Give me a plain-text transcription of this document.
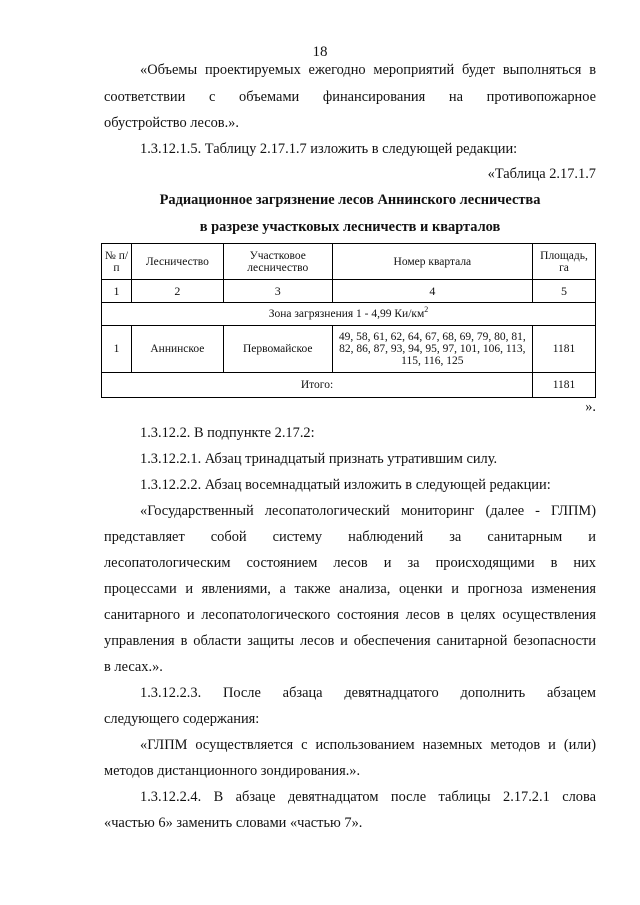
18
«Объемы проектируемых ежегодно мероприятий будет выполняться в
соответствии с объемами финансирования на противопожарное
обустройство лесов.».
1.3.12.1.5. Таблицу 2.17.1.7 изложить в следующей редакции:
«Таблица 2.17.1.7
Радиационное загрязнение лесов Аннинского лесничества
в разрезе участковых лесничеств и кварталов
№ п/п	Лесничество	Участковое лесничество	Номер квартала	Площадь, га
1	2	3	4	5
Зона загрязнения 1 - 4,99 $Ки/км^2$
1	Аннинское	Первомайское	49, 58, 61, 62, 64, 67, 68, 69, 79, 80, 81, 82, 86, 87, 93, 94, 95, 97, 101, 106, 113, 115, 116, 125	1181
Итого:				1181
».
1.3.12.2. В подпункте 2.17.2:
1.3.12.2.1. Абзац тринадцатый признать утратившим силу.
1.3.12.2.2. Абзац восемнадцатый изложить в следующей редакции:
«Государственный лесопатологический мониторинг (далее - ГЛПМ)
представляет собой систему наблюдений за санитарным и
лесопатологическим состоянием лесов и за происходящими в них
процессами и явлениями, а также анализа, оценки и прогноза изменения
санитарного и лесопатологического состояния лесов в целях осуществления
управления в области защиты лесов и обеспечения санитарной безопасности
в лесах.».
1.3.12.2.3. После абзаца девятнадцатого дополнить абзацем
следующего содержания:
«ГЛПМ осуществляется с использованием наземных методов и (или)
методов дистанционного зондирования.».
1.3.12.2.4. В абзаце девятнадцатом после таблицы 2.17.2.1 слова
«частью 6» заменить словами «частью 7».
